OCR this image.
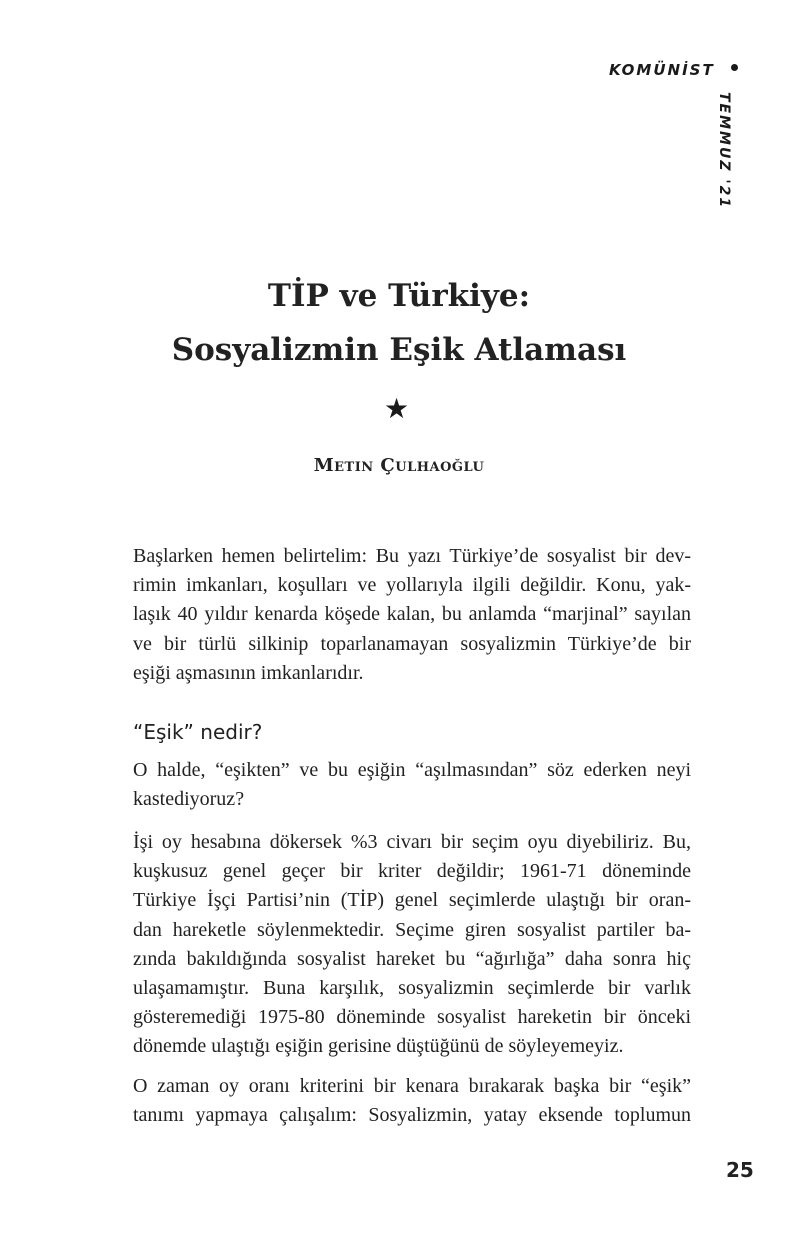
KOMÜNİST
TEMMUZ '21
TİP ve Türkiye:
Sosyalizmin Eşik Atlaması
★
Metin Çulhaoğlu
Başlarken hemen belirtelim: Bu yazı Türkiye’de sosyalist bir dev-
rimin imkanları, koşulları ve yollarıyla ilgili değildir. Konu, yak-
laşık 40 yıldır kenarda köşede kalan, bu anlamda “marjinal” sayılan
ve bir türlü silkinip toparlanamayan sosyalizmin Türkiye’de bir
eşiği aşmasının imkanlarıdır.
“Eşik” nedir?
O halde, “eşikten” ve bu eşiğin “aşılmasından” söz ederken neyi
kastediyoruz?
İşi oy hesabına dökersek %3 civarı bir seçim oyu diyebiliriz. Bu,
kuşkusuz genel geçer bir kriter değildir; 1961-71 döneminde
Türkiye İşçi Partisi’nin (TİP) genel seçimlerde ulaştığı bir oran-
dan hareketle söylenmektedir. Seçime giren sosyalist partiler ba-
zında bakıldığında sosyalist hareket bu “ağırlığa” daha sonra hiç
ulaşamamıştır. Buna karşılık, sosyalizmin seçimlerde bir varlık
gösteremediği 1975-80 döneminde sosyalist hareketin bir önceki
dönemde ulaştığı eşiğin gerisine düştüğünü de söyleyemeyiz.
O zaman oy oranı kriterini bir kenara bırakarak başka bir “eşik”
tanımı yapmaya çalışalım: Sosyalizmin, yatay eksende toplumun
25
